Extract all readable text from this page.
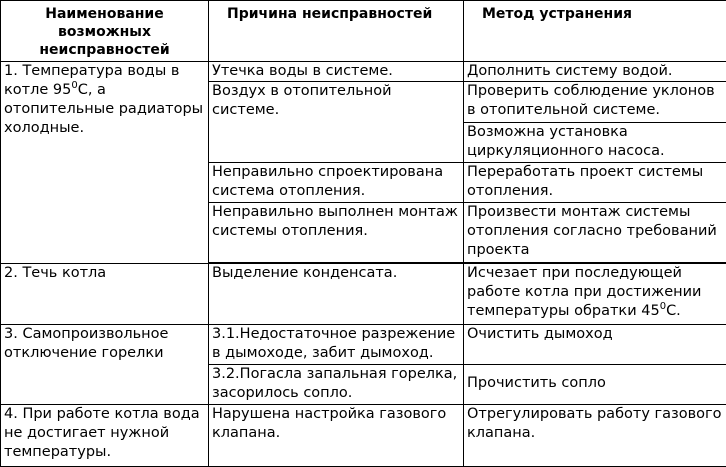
Наименование возможных неисправностей	Причина неисправностей	Метод устранения
1. Температура воды в котле $95^0С$, а отопительные радиаторы холодные.	Утечка воды в системе.	Дополнить систему водой.
	Воздух в отопительной системе.	Проверить соблюдение уклонов в отопительной системе.
		Возможна установка циркуляционного насоса.
	Неправильно спроектирована система отопления.	Переработать проект системы отопления.
	Неправильно выполнен монтаж системы отопления.	Произвести монтаж системы отопления согласно требований проекта

2. Течь котла	Выделение конденсата.	Исчезает при последующей работе котла при достижении температуры обратки $45^0С$.
3. Самопроизвольное отключение горелки	3.1.Недостаточное разрежение в дымоходе, забит дымоход.	Очистить дымоход
	3.2.Погасла запальная горелка, засорилось сопло.	Прочистить сопло
4. При работе котла вода не достигает нужной температуры.	Нарушена настройка газового клапана.	Отрегулировать работу газового клапана.
